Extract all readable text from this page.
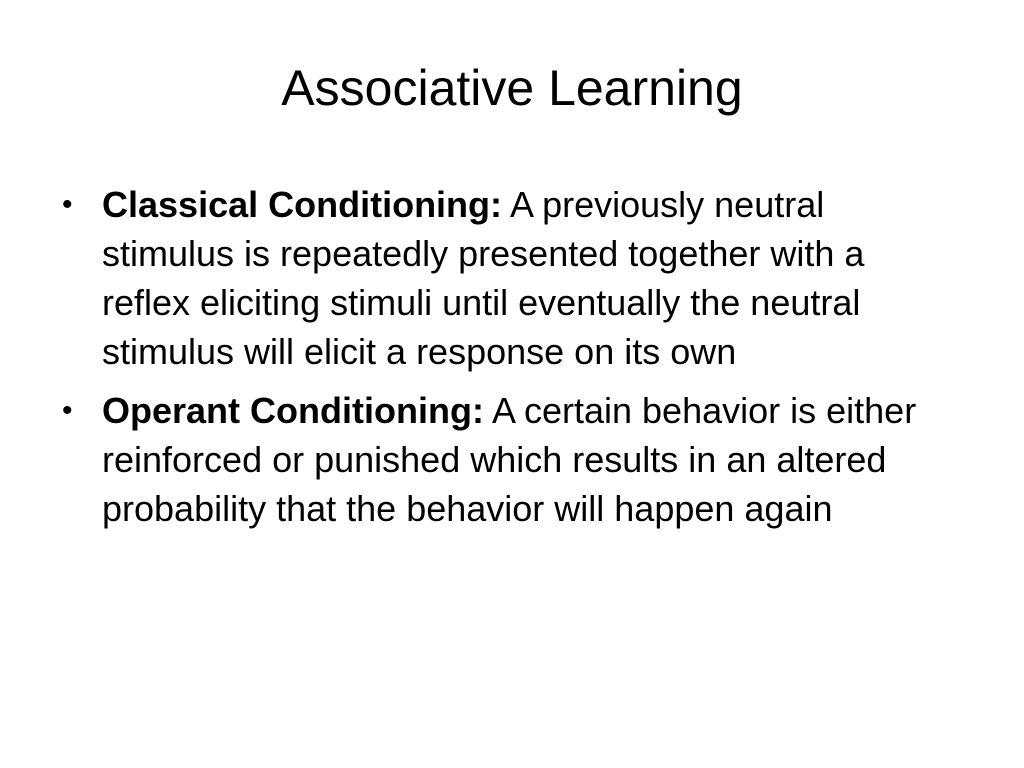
Associative Learning
• Classical Conditioning: A previously neutral stimulus is repeatedly presented together with a reflex eliciting stimuli until eventually the neutral stimulus will elicit a response on its own
• Operant Conditioning: A certain behavior is either reinforced or punished which results in an altered probability that the behavior will happen again
